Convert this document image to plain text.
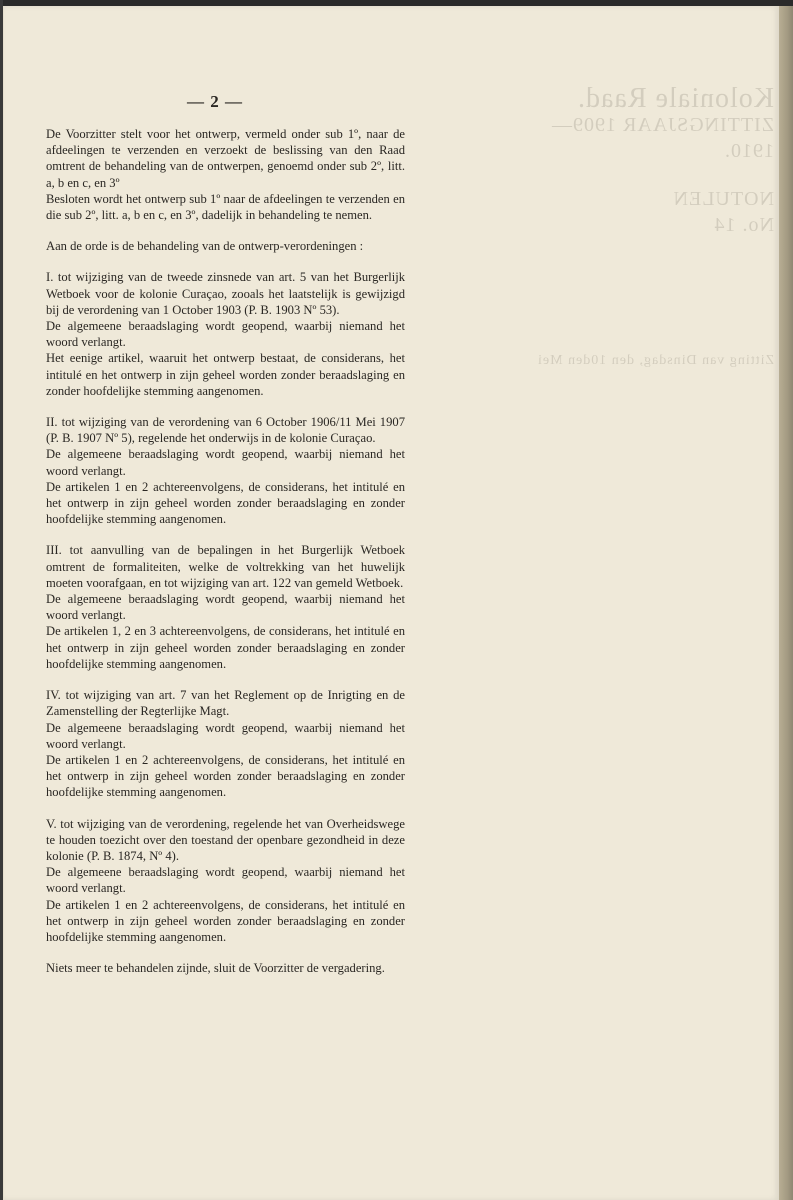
Koloniale Raad.
ZITTINGSJAAR 1909—1910.
NOTULEN
No. 14
Zitting van Dinsdag, den 10den Mei
— 2 —

De Voorzitter stelt voor het ontwerp, vermeld onder sub 1º, naar de afdeelingen te verzenden en verzoekt de beslissing van den Raad omtrent de behandeling van de ontwerpen, genoemd onder sub 2º, litt. a, b en c, en 3º

Besloten wordt het ontwerp sub 1º naar de afdeelingen te verzenden en die sub 2º, litt. a, b en c, en 3º, dadelijk in behandeling te nemen.

Aan de orde is de behandeling van de ontwerp-verordeningen :

I. tot wijziging van de tweede zinsnede van art. 5 van het Burgerlijk Wetboek voor de kolonie Curaçao, zooals het laatstelijk is gewijzigd bij de verordening van 1 October 1903 (P. B. 1903 Nº 53).

De algemeene beraadslaging wordt geopend, waarbij niemand het woord verlangt.

Het eenige artikel, waaruit het ontwerp bestaat, de considerans, het intitulé en het ontwerp in zijn geheel worden zonder beraadslaging en zonder hoofdelijke stemming aangenomen.

II. tot wijziging van de verordening van 6 October 1906/11 Mei 1907 (P. B. 1907 Nº 5), regelende het onderwijs in de kolonie Curaçao.

De algemeene beraadslaging wordt geopend, waarbij niemand het woord verlangt.

De artikelen 1 en 2 achtereenvolgens, de considerans, het intitulé en het ontwerp in zijn geheel worden zonder beraadslaging en zonder hoofdelijke stemming aangenomen.

III. tot aanvulling van de bepalingen in het Burgerlijk Wetboek omtrent de formaliteiten, welke de voltrekking van het huwelijk moeten voorafgaan, en tot wijziging van art. 122 van gemeld Wetboek.

De algemeene beraadslaging wordt geopend, waarbij niemand het woord verlangt.

De artikelen 1, 2 en 3 achtereenvolgens, de considerans, het intitulé en het ontwerp in zijn geheel worden zonder beraadslaging en zonder hoofdelijke stemming aangenomen.

IV. tot wijziging van art. 7 van het Reglement op de Inrigting en de Zamenstelling der Regterlijke Magt.

De algemeene beraadslaging wordt geopend, waarbij niemand het woord verlangt.

De artikelen 1 en 2 achtereenvolgens, de considerans, het intitulé en het ontwerp in zijn geheel worden zonder beraadslaging en zonder hoofdelijke stemming aangenomen.

V. tot wijziging van de verordening, regelende het van Overheidswege te houden toezicht over den toestand der openbare gezondheid in deze kolonie (P. B. 1874, Nº 4).

De algemeene beraadslaging wordt geopend, waarbij niemand het woord verlangt.

De artikelen 1 en 2 achtereenvolgens, de considerans, het intitulé en het ontwerp in zijn geheel worden zonder beraadslaging en zonder hoofdelijke stemming aangenomen.

Niets meer te behandelen zijnde, sluit de Voorzitter de vergadering.
